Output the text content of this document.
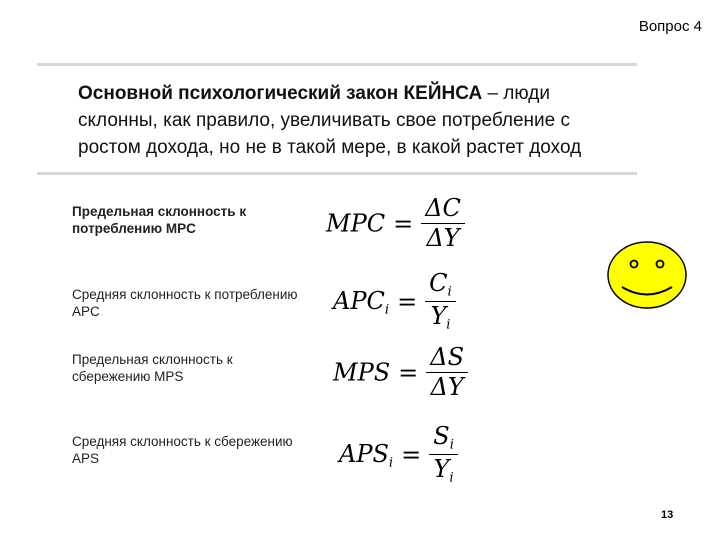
Вопрос 4
Основной психологический закон КЕЙНСА – люди склонны, как правило, увеличивать свое потребление с ростом дохода, но не в такой мере, в какой растет доход
Предельная склонность к потреблению MPC	MPC = $\frac{\Delta C}{\Delta Y}$
Средняя склонность к потреблению APC	$APC_i = \frac{C_i}{Y_i}$
Предельная склонность к сбережению MPS	MPS = $\frac{\Delta S}{\Delta Y}$
Средняя склонность к сбережению APS	$APS_i = \frac{S_i}{Y_i}$
13
